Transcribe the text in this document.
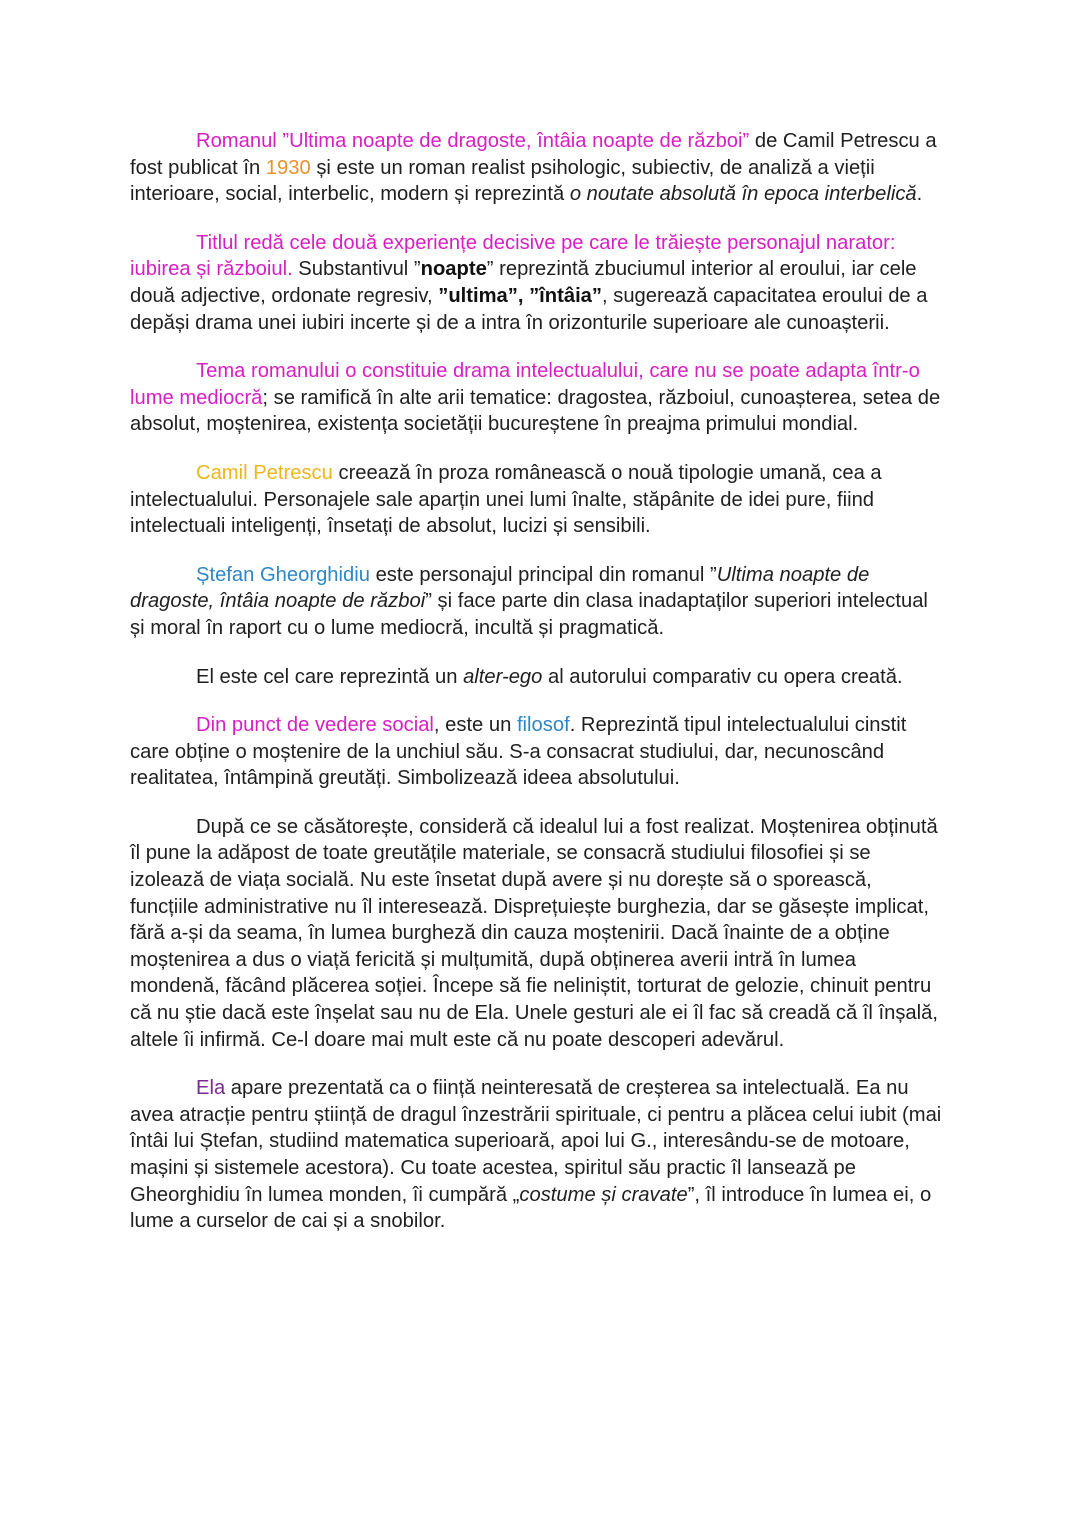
Romanul ”Ultima noapte de dragoste, întâia noapte de război” de Camil Petrescu a fost publicat în 1930 și este un roman realist psihologic, subiectiv, de analiză a vieții interioare, social, interbelic, modern și reprezintă o noutate absolută în epoca interbelică.

Titlul redă cele două experiențe decisive pe care le trăiește personajul narator: iubirea și războiul. Substantivul ”noapte” reprezintă zbuciumul interior al eroului, iar cele două adjective, ordonate regresiv, ”ultima”, ”întâia”, sugerează capacitatea eroului de a depăși drama unei iubiri incerte și de a intra în orizonturile superioare ale cunoașterii.

Tema romanului o constituie drama intelectualului, care nu se poate adapta într-o lume mediocră; se ramifică în alte arii tematice: dragostea, războiul, cunoașterea, setea de absolut, moștenirea, existența societății bucureștene în preajma primului mondial.

Camil Petrescu creează în proza românească o nouă tipologie umană, cea a intelectualului. Personajele sale aparțin unei lumi înalte, stăpânite de idei pure, fiind intelectuali inteligenți, însetați de absolut, lucizi și sensibili.

Ștefan Gheorghidiu este personajul principal din romanul ”Ultima noapte de dragoste, întâia noapte de război” și face parte din clasa inadaptaților superiori intelectual și moral în raport cu o lume mediocră, incultă și pragmatică.

El este cel care reprezintă un alter-ego al autorului comparativ cu opera creată.

Din punct de vedere social, este un filosof. Reprezintă tipul intelectualului cinstit care obține o moștenire de la unchiul său. S-a consacrat studiului, dar, necunoscând realitatea, întâmpină greutăți. Simbolizează ideea absolutului.

După ce se căsătorește, consideră că idealul lui a fost realizat. Moștenirea obținută îl pune la adăpost de toate greutățile materiale, se consacră studiului filosofiei și se izolează de viața socială. Nu este însetat după avere și nu dorește să o sporească, funcțiile administrative nu îl interesează. Disprețuiește burghezia, dar se găsește implicat, fără a-și da seama, în lumea burgheză din cauza moștenirii. Dacă înainte de a obține moștenirea a dus o viață fericită și mulțumită, după obținerea averii intră în lumea mondenă, făcând plăcerea soției. Începe să fie neliniștit, torturat de gelozie, chinuit pentru că nu știe dacă este înșelat sau nu de Ela. Unele gesturi ale ei îl fac să creadă că îl înșală, altele îi infirmă. Ce-l doare mai mult este că nu poate descoperi adevărul.

Ela apare prezentată ca o ființă neinteresată de creșterea sa intelectuală. Ea nu avea atracție pentru știință de dragul înzestrării spirituale, ci pentru a plăcea celui iubit (mai întâi lui Ștefan, studiind matematica superioară, apoi lui G., interesându-se de motoare, mașini și sistemele acestora). Cu toate acestea, spiritul său practic îl lansează pe Gheorghidiu în lumea monden, îi cumpără „costume și cravate”, îl introduce în lumea ei, o lume a curselor de cai și a snobilor.
